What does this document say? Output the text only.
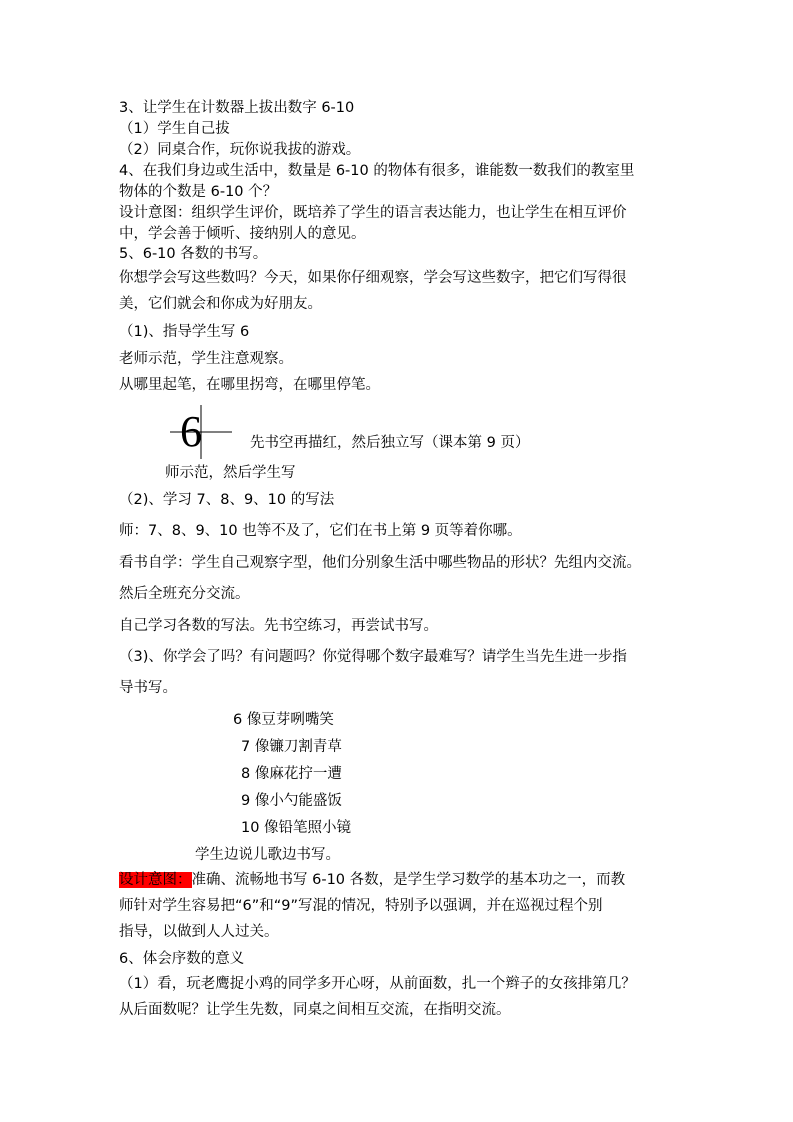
3、让学生在计数器上拔出数字 6-10
（1）学生自己拔
（2）同桌合作，玩你说我拔的游戏。
4、在我们身边或生活中，数量是 6-10 的物体有很多，谁能数一数我们的教室里
物体的个数是 6-10 个？
设计意图：组织学生评价，既培养了学生的语言表达能力，也让学生在相互评价
中，学会善于倾听、接纳别人的意见。
5、6-10 各数的书写。
你想学会写这些数吗？今天，如果你仔细观察，学会写这些数字，把它们写得很
美，它们就会和你成为好朋友。
（1)、指导学生写 6
老师示范，学生注意观察。
从哪里起笔，在哪里拐弯，在哪里停笔。
6	先书空再描红，然后独立写（课本第 9 页）
师示范，然后学生写
（2)、学习 7、8、9、10 的写法
师：7、8、9、10 也等不及了，它们在书上第 9 页等着你哪。
看书自学：学生自己观察字型，他们分别象生活中哪些物品的形状？先组内交流。
然后全班充分交流。
自己学习各数的写法。先书空练习，再尝试书写。
（3)、你学会了吗？有问题吗？你觉得哪个数字最难写？请学生当先生进一步指
导书写。
6 像豆芽咧嘴笑
7 像镰刀割青草
8 像麻花拧一遭
9 像小勺能盛饭
10 像铅笔照小镜
学生边说儿歌边书写。
设计意图：准确、流畅地书写 6-10 各数，是学生学习数学的基本功之一，而教
师针对学生容易把“6”和“9”写混的情况，特别予以强调，并在巡视过程个别
指导，以做到人人过关。
6、体会序数的意义
（1）看，玩老鹰捉小鸡的同学多开心呀，从前面数，扎一个辫子的女孩排第几？
从后面数呢？让学生先数，同桌之间相互交流，在指明交流。
